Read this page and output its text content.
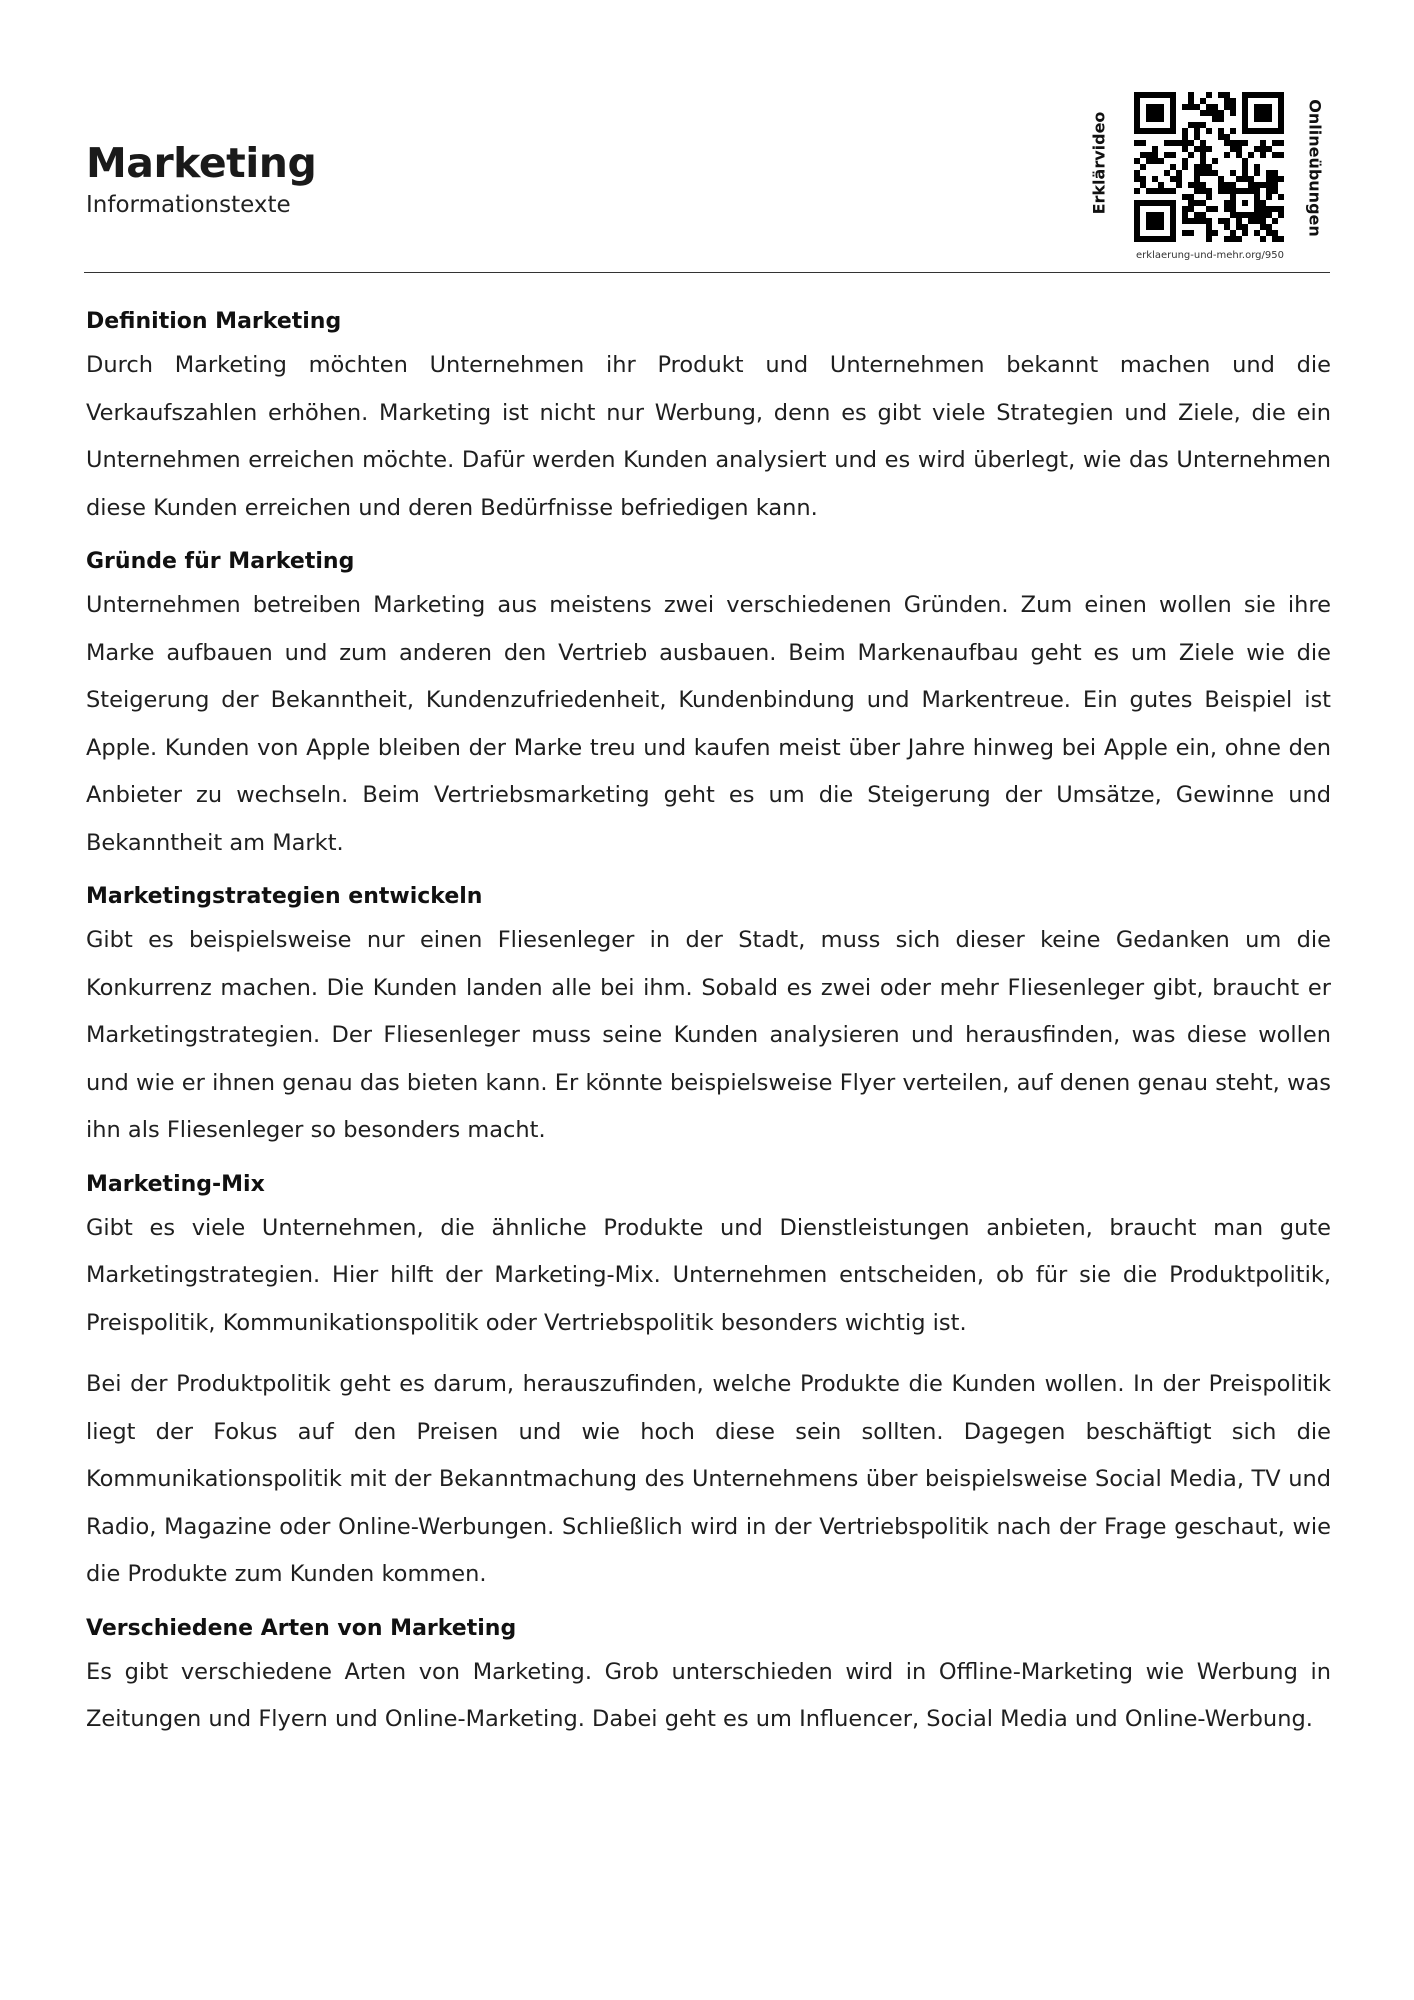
Marketing
Informationstexte	Erklärvideo	Onlineübungen
erklaerung-und-mehr.org/950
Definition Marketing

Durch Marketing möchten Unternehmen ihr Produkt und Unternehmen bekannt machen und die Verkaufszahlen erhöhen. Marketing ist nicht nur Werbung, denn es gibt viele Strategien und Ziele, die ein Unternehmen erreichen möchte. Dafür werden Kunden analysiert und es wird überlegt, wie das Unternehmen diese Kunden erreichen und deren Bedürfnisse befriedigen kann.

Gründe für Marketing

Unternehmen betreiben Marketing aus meistens zwei verschiedenen Gründen. Zum einen wollen sie ihre Marke aufbauen und zum anderen den Vertrieb ausbauen. Beim Markenaufbau geht es um Ziele wie die Steigerung der Bekanntheit, Kundenzufriedenheit, Kundenbindung und Markentreue. Ein gutes Beispiel ist Apple. Kunden von Apple bleiben der Marke treu und kaufen meist über Jahre hinweg bei Apple ein, ohne den Anbieter zu wechseln. Beim Vertriebsmarketing geht es um die Steigerung der Umsätze, Gewinne und Bekanntheit am Markt.

Marketingstrategien entwickeln

Gibt es beispielsweise nur einen Fliesenleger in der Stadt, muss sich dieser keine Gedanken um die Konkurrenz machen. Die Kunden landen alle bei ihm. Sobald es zwei oder mehr Fliesenleger gibt, braucht er Marketingstrategien. Der Fliesenleger muss seine Kunden analysieren und herausfinden, was diese wollen und wie er ihnen genau das bieten kann. Er könnte beispielsweise Flyer verteilen, auf denen genau steht, was ihn als Fliesenleger so besonders macht.

Marketing-Mix

Gibt es viele Unternehmen, die ähnliche Produkte und Dienstleistungen anbieten, braucht man gute Marketingstrategien. Hier hilft der Marketing-Mix. Unternehmen entscheiden, ob für sie die Produktpolitik, Preispolitik, Kommunikationspolitik oder Vertriebspolitik besonders wichtig ist.

Bei der Produktpolitik geht es darum, herauszufinden, welche Produkte die Kunden wollen. In der Preispolitik liegt der Fokus auf den Preisen und wie hoch diese sein sollten. Dagegen beschäftigt sich die Kommunikationspolitik mit der Bekanntmachung des Unternehmens über beispielsweise Social Media, TV und Radio, Magazine oder Online-Werbungen. Schließlich wird in der Vertriebspolitik nach der Frage geschaut, wie die Produkte zum Kunden kommen.

Verschiedene Arten von Marketing

Es gibt verschiedene Arten von Marketing. Grob unterschieden wird in Offline-Marketing wie Werbung in Zeitungen und Flyern und Online-Marketing. Dabei geht es um Influencer, Social Media und Online-Werbung.
